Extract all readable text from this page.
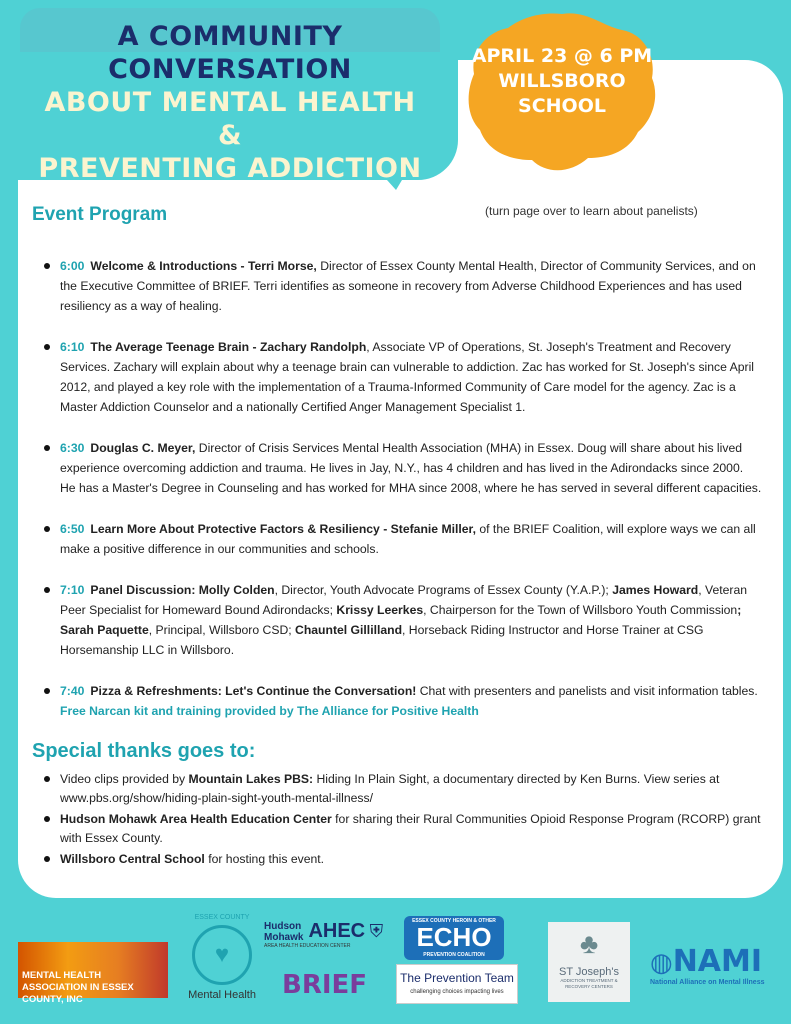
A COMMUNITY CONVERSATION
ABOUT MENTAL HEALTH &
PREVENTING ADDICTION
APRIL 23 @ 6 PM
WILLSBORO
SCHOOL
Event Program	(turn page over to learn about panelists)
6:00 Welcome & Introductions - Terri Morse, Director of Essex County Mental Health, Director of Community Services, and on the Executive Committee of BRIEF. Terri identifies as someone in recovery from Adverse Childhood Experiences and has used resiliency as a way of healing.
6:10 The Average Teenage Brain - Zachary Randolph, Associate VP of Operations, St. Joseph's Treatment and Recovery Services. Zachary will explain about why a teenage brain can vulnerable to addiction. Zac has worked for St. Joseph's since April 2012, and played a key role with the implementation of a Trauma-Informed Community of Care model for the agency. Zac is a Master Addiction Counselor and a nationally Certified Anger Management Specialist 1.
6:30 Douglas C. Meyer, Director of Crisis Services Mental Health Association (MHA) in Essex. Doug will share about his lived experience overcoming addiction and trauma. He lives in Jay, N.Y., has 4 children and has lived in the Adirondacks since 2000. He has a Master's Degree in Counseling and has worked for MHA since 2008, where he has served in several different capacities.
6:50 Learn More About Protective Factors & Resiliency - Stefanie Miller, of the BRIEF Coalition, will explore ways we can all make a positive difference in our communities and schools.
7:10 Panel Discussion: Molly Colden, Director, Youth Advocate Programs of Essex County (Y.A.P.); James Howard, Veteran Peer Specialist for Homeward Bound Adirondacks; Krissy Leerkes, Chairperson for the Town of Willsboro Youth Commission; Sarah Paquette, Principal, Willsboro CSD; Chauntel Gillilland, Horseback Riding Instructor and Horse Trainer at CSG Horsemanship LLC in Willsboro.
7:40 Pizza & Refreshments: Let's Continue the Conversation! Chat with presenters and panelists and visit information tables.
Free Narcan kit and training provided by The Alliance for Positive Health
Special thanks goes to:
Video clips provided by Mountain Lakes PBS: Hiding In Plain Sight, a documentary directed by Ken Burns. View series at www.pbs.org/show/hiding-plain-sight-youth-mental-illness/
Hudson Mohawk Area Health Education Center for sharing their Rural Communities Opioid Response Program (RCORP) grant with Essex County.
Willsboro Central School for hosting this event.
MENTAL HEALTH ASSOCIATION IN ESSEX COUNTY, INC
ESSEX COUNTY
♥
Mental Health
Hudson Mohawk AHEC ⛨
AREA HEALTH EDUCATION CENTER
BRIEF
ESSEX COUNTY HEROIN & OTHER
ECHO
PREVENTION COALITION
The Prevention Team
challenging choices impacting lives
♣
ST Joseph's
ADDICTION TREATMENT & RECOVERY CENTERS
◍NAMI
National Alliance on Mental Illness
